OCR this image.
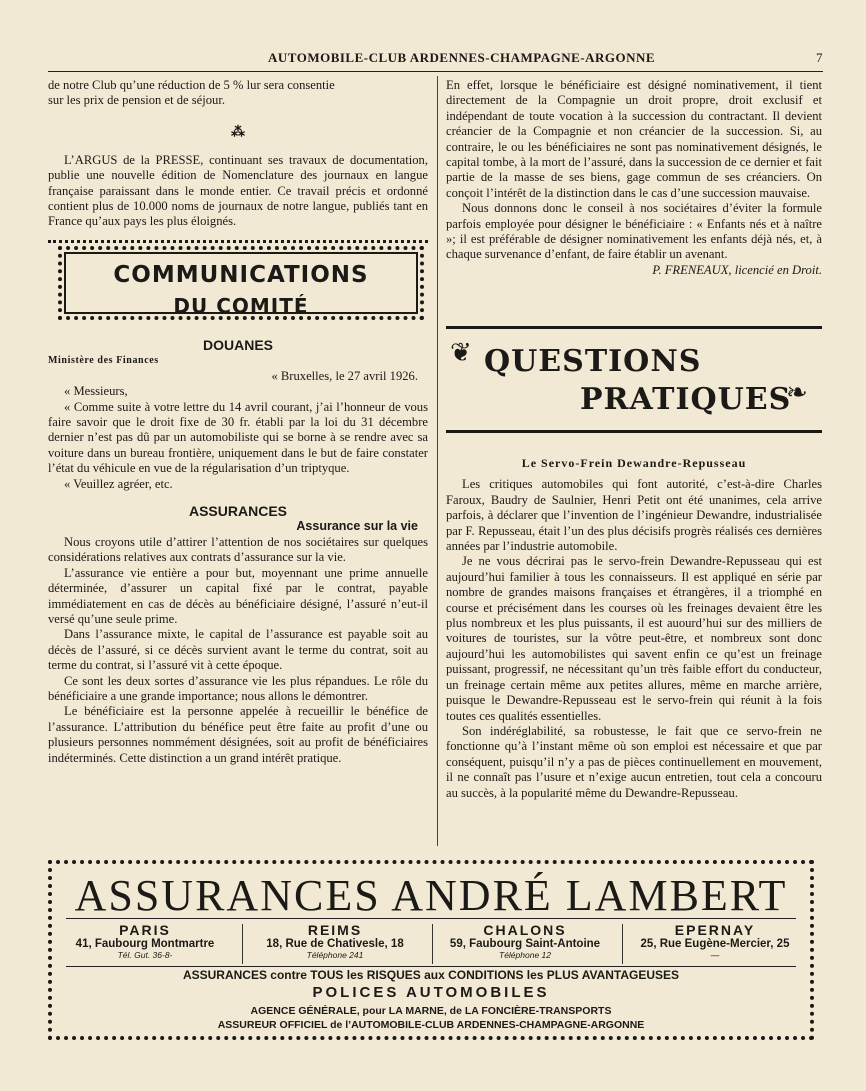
AUTOMOBILE-CLUB ARDENNES-CHAMPAGNE-ARGONNE	7

de notre Club qu’une réduction de 5 % lur sera consentie

sur les prix de pension et de séjour.

⁂

L’ARGUS de la PRESSE, continuant ses travaux de documentation, publie une nouvelle édition de Nomenclature des journaux en langue française paraissant dans le monde entier. Ce travail précis et ordonné contient plus de 10.000 noms de journaux de notre langue, publiés tant en France qu’aux pays les plus éloignés.

COMMUNICATIONS
DU COMITÉ
DOUANES
Ministère des Finances

« Bruxelles, le 27 avril 1926.

« Messieurs,

« Comme suite à votre lettre du 14 avril courant, j’ai l’honneur de vous faire savoir que le droit fixe de 30 fr. établi par la loi du 31 décembre dernier n’est pas dû par un automobiliste qui se borne à se rendre avec sa voiture dans un bureau frontière, uniquement dans le but de faire constater l’état du véhicule en vue de la régularisation d’un triptyque.

« Veuillez agréer, etc.

ASSURANCES
Assurance sur la vie

Nous croyons utile d’attirer l’attention de nos sociétaires sur quelques considérations relatives aux contrats d’assurance sur la vie.

L’assurance vie entière a pour but, moyennant une prime annuelle déterminée, d’assurer un capital fixé par le contrat, payable immédiatement en cas de décès au bénéficiaire désigné, l’assuré n’eut-il versé qu’une seule prime.

Dans l’assurance mixte, le capital de l’assurance est payable soit au décès de l’assuré, si ce décès survient avant le terme du contrat, soit au terme du contrat, si l’assuré vit à cette époque.

Ce sont les deux sortes d’assurance vie les plus répandues. Le rôle du bénéficiaire a une grande importance; nous allons le démontrer.

Le bénéficiaire est la personne appelée à recueillir le bénéfice de l’assurance. L’attribution du bénéfice peut être faite au profit d’une ou plusieurs personnes nommément désignées, soit au profit de bénéficiaires indéterminés. Cette distinction a un grand intérêt pratique.

En effet, lorsque le bénéficiaire est désigné nominativement, il tient directement de la Compagnie un droit propre, droit exclusif et indépendant de toute vocation à la succession du contractant. Il devient créancier de la Compagnie et non créancier de la succession. Si, au contraire, le ou les bénéficiaires ne sont pas nominativement désignés, le capital tombe, à la mort de l’assuré, dans la succession de ce dernier et fait partie de la masse de ses biens, gage commun de ses créanciers. On conçoit l’intérêt de la distinction dans le cas d’une succession mauvaise.

Nous donnons donc le conseil à nos sociétaires d’éviter la formule parfois employée pour désigner le bénéficiaire : « Enfants nés et à naître »; il est préférable de désigner nominativement les enfants déjà nés, et, à chaque survenance d’enfant, de faire établir un avenant.

P. FRENEAUX, licencié en Droit.

❦
❧
QUESTIONS
PRATIQUES
Le Servo-Frein Dewandre-Repusseau

Les critiques automobiles qui font autorité, c’est-à-dire Charles Faroux, Baudry de Saulnier, Henri Petit ont été unanimes, cela arrive parfois, à déclarer que l’invention de l’ingénieur Dewandre, industrialisée par F. Repusseau, était l’un des plus décisifs progrès réalisés ces dernières années par l’industrie automobile.

Je ne vous décrirai pas le servo-frein Dewandre-Repusseau qui est aujourd’hui familier à tous les connaisseurs. Il est appliqué en série par nombre de grandes maisons françaises et étrangères, il a triomphé en course et précisément dans les courses où les freinages devaient être les plus nombreux et les plus puissants, il est auourd’hui sur des milliers de voitures de touristes, sur la vôtre peut-être, et nombreux sont donc aujourd’hui les automobilistes qui savent enfin ce qu’est un freinage puissant, progressif, ne nécessitant qu’un très faible effort du conducteur, un freinage certain même aux petites allures, même en marche arrière, puisque le Dewandre-Repusseau est le servo-frein qui réunit à la fois toutes ces qualités essentielles.

Son indéréglabilité, sa robustesse, le fait que ce servo-frein ne fonctionne qu’à l’instant même où son emploi est nécessaire et que par conséquent, puisqu’il n’y a pas de pièces continuellement en mouvement, il ne connaît pas l’usure et n’exige aucun entretien, tout cela a concouru au succès, à la popularité même du Dewandre-Repusseau.

ASSURANCES ANDRÉ LAMBERT
PARIS
41, Faubourg Montmartre
Tél. Gut. 36-8-
REIMS
18, Rue de Chativesle, 18
Téléphone 241
CHALONS
59, Faubourg Saint-Antoine
Téléphone 12
EPERNAY
25, Rue Eugène-Mercier, 25
—
ASSURANCES contre TOUS les RISQUES aux CONDITIONS les PLUS AVANTAGEUSES
POLICES AUTOMOBILES
AGENCE GÉNÉRALE, pour LA MARNE, de LA FONCIÈRE-TRANSPORTS
ASSUREUR OFFICIEL de l’AUTOMOBILE-CLUB ARDENNES-CHAMPAGNE-ARGONNE
